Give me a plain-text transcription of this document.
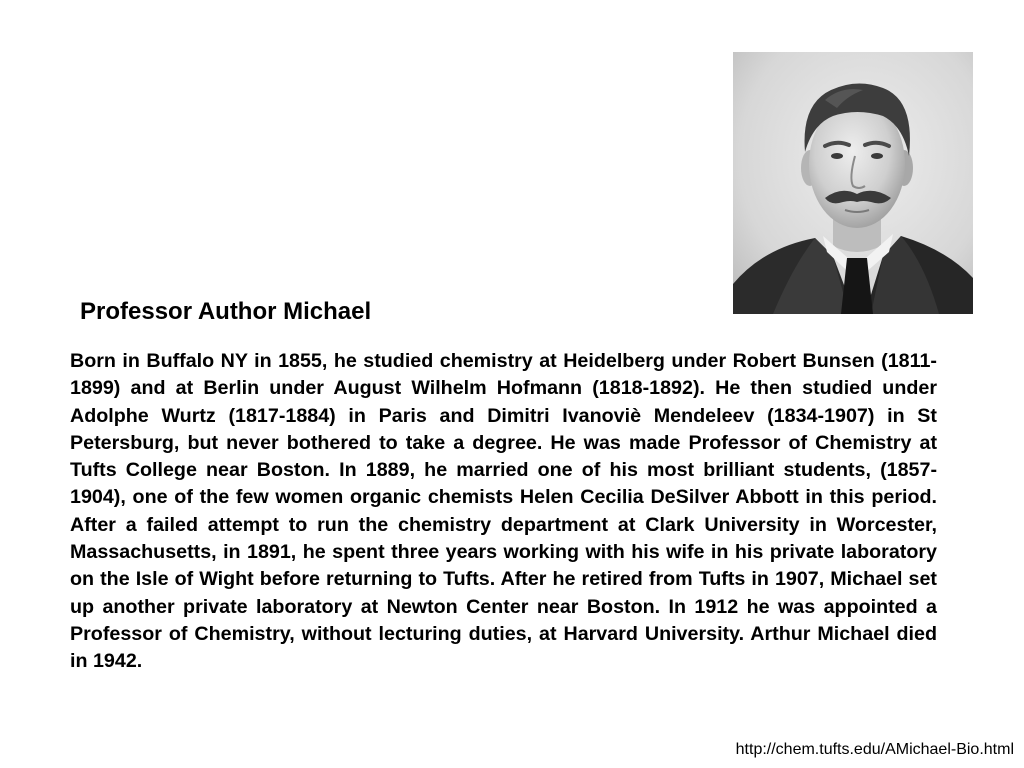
Professor Author Michael

Born in Buffalo NY in 1855, he studied chemistry at Heidelberg under Robert Bunsen (1811-1899) and at Berlin under August Wilhelm Hofmann (1818-1892). He then studied under Adolphe Wurtz (1817-1884) in Paris and Dimitri Ivanoviè Mendeleev (1834-1907) in St Petersburg, but never bothered to take a degree. He was made Professor of Chemistry at Tufts College near Boston. In 1889, he married one of his most brilliant students, (1857-1904), one of the few women organic chemists Helen Cecilia DeSilver Abbott in this period. After a failed attempt to run the chemistry department at Clark University in Worcester, Massachusetts, in 1891, he spent three years working with his wife in his private laboratory on the Isle of Wight before returning to Tufts. After he retired from Tufts in 1907, Michael set up another private laboratory at Newton Center near Boston. In 1912 he was appointed a Professor of Chemistry, without lecturing duties, at Harvard University. Arthur Michael died in 1942.

http://chem.tufts.edu/AMichael-Bio.html
